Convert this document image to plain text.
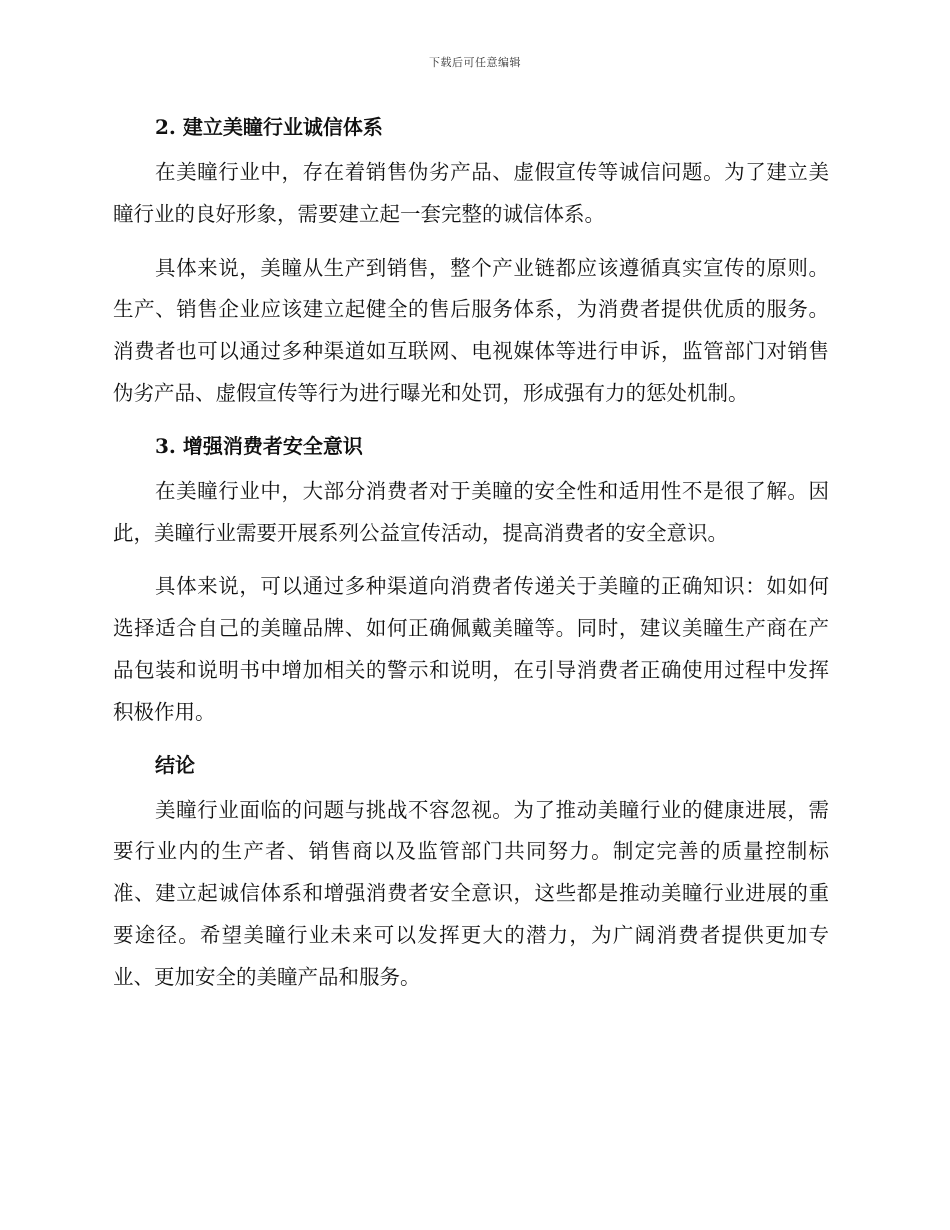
下载后可任意编辑
2. 建立美瞳行业诚信体系

在美瞳行业中，存在着销售伪劣产品、虚假宣传等诚信问题。为了建立美瞳行业的良好形象，需要建立起一套完整的诚信体系。

具体来说，美瞳从生产到销售，整个产业链都应该遵循真实宣传的原则。生产、销售企业应该建立起健全的售后服务体系，为消费者提供优质的服务。消费者也可以通过多种渠道如互联网、电视媒体等进行申诉，监管部门对销售伪劣产品、虚假宣传等行为进行曝光和处罚，形成强有力的惩处机制。

3. 增强消费者安全意识

在美瞳行业中，大部分消费者对于美瞳的安全性和适用性不是很了解。因此，美瞳行业需要开展系列公益宣传活动，提高消费者的安全意识。

具体来说，可以通过多种渠道向消费者传递关于美瞳的正确知识：如如何选择适合自己的美瞳品牌、如何正确佩戴美瞳等。同时，建议美瞳生产商在产品包装和说明书中增加相关的警示和说明，在引导消费者正确使用过程中发挥积极作用。

结论

美瞳行业面临的问题与挑战不容忽视。为了推动美瞳行业的健康进展，需要行业内的生产者、销售商以及监管部门共同努力。制定完善的质量控制标准、建立起诚信体系和增强消费者安全意识，这些都是推动美瞳行业进展的重要途径。希望美瞳行业未来可以发挥更大的潜力，为广阔消费者提供更加专业、更加安全的美瞳产品和服务。
